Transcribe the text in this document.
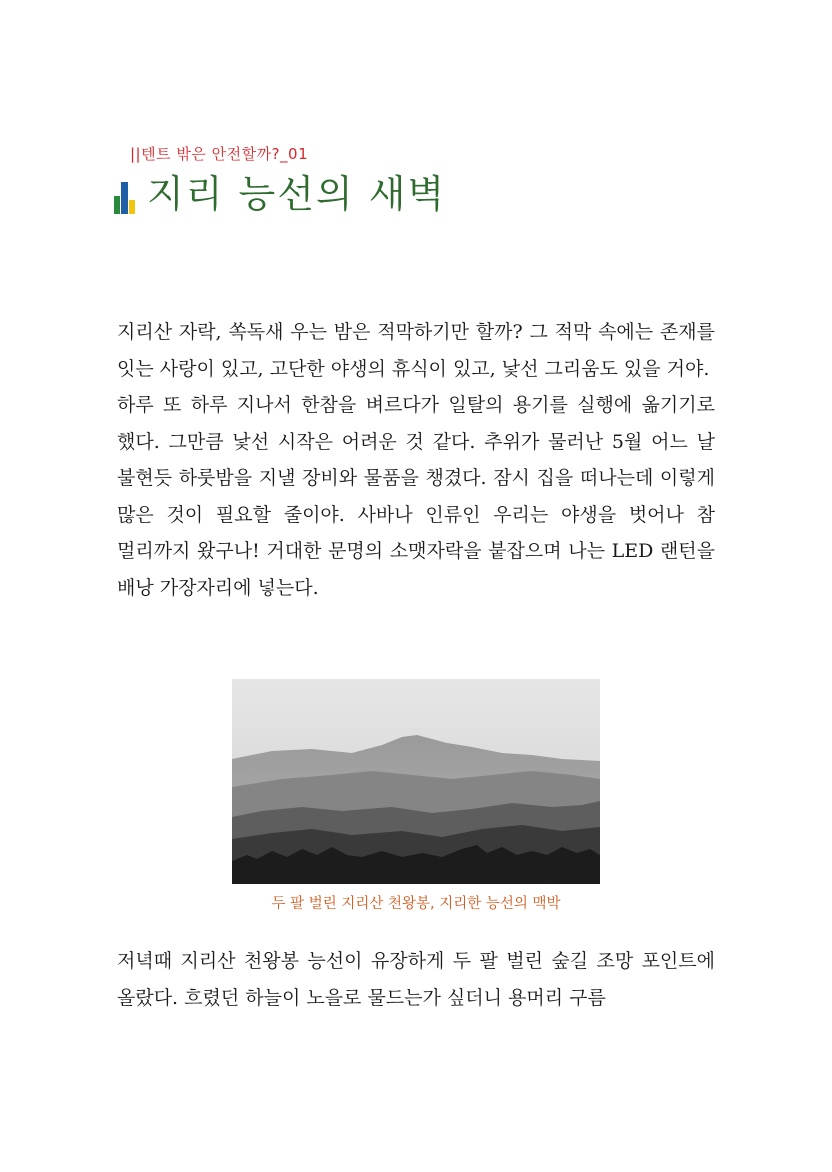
||텐트 밖은 안전할까?_01
지리 능선의 새벽

지리산 자락, 쏙독새 우는 밤은 적막하기만 할까? 그 적막 속에는 존재를 잇는 사랑이 있고, 고단한 야생의 휴식이 있고, 낯선 그리움도 있을 거야.

하루 또 하루 지나서 한참을 벼르다가 일탈의 용기를 실행에 옮기기로 했다. 그만큼 낯선 시작은 어려운 것 같다. 추위가 물러난 5월 어느 날 불현듯 하룻밤을 지낼 장비와 물품을 챙겼다. 잠시 집을 떠나는데 이렇게 많은 것이 필요할 줄이야. 사바나 인류인 우리는 야생을 벗어나 참 멀리까지 왔구나! 거대한 문명의 소맷자락을 붙잡으며 나는 LED 랜턴을 배낭 가장자리에 넣는다.

두 팔 벌린 지리산 천왕봉, 지리한 능선의 맥박

저녁때 지리산 천왕봉 능선이 유장하게 두 팔 벌린 숲길 조망 포인트에 올랐다. 흐렸던 하늘이 노을로 물드는가 싶더니 용머리 구름
